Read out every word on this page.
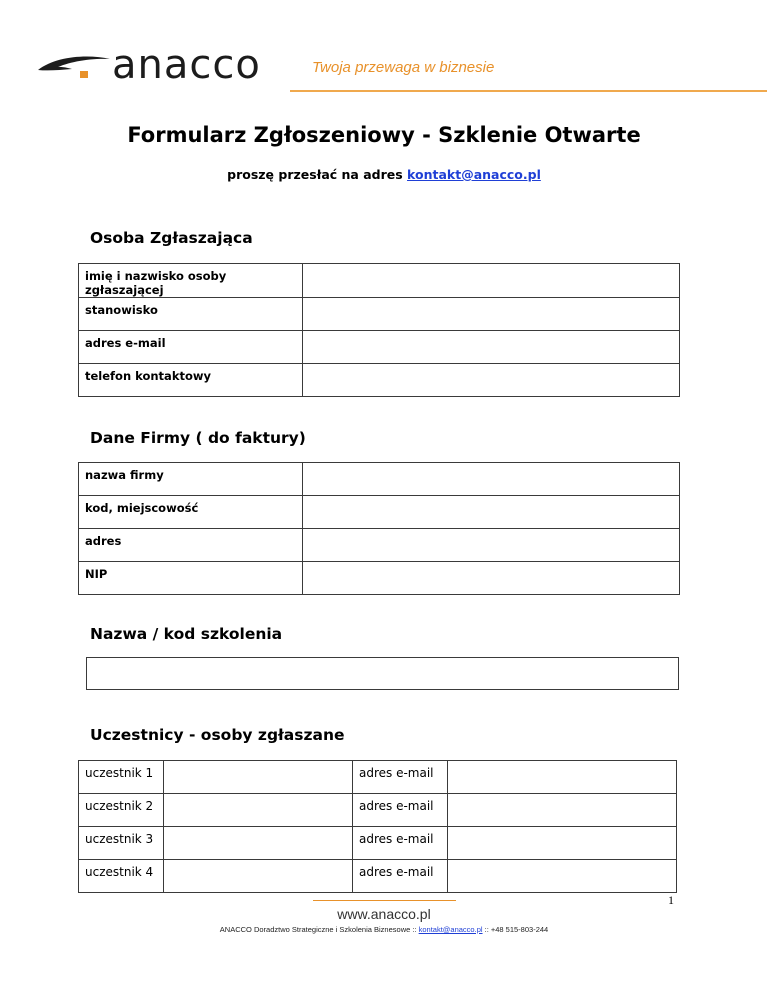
anacco	Twoja przewaga w biznesie
Formularz Zgłoszeniowy - Szklenie Otwarte
proszę przesłać na adres kontakt@anacco.pl
Osoba Zgłaszająca
imię i nazwisko osoby zgłaszającej	
stanowisko	
adres e-mail	
telefon kontaktowy	
Dane Firmy ( do faktury)
nazwa firmy	
kod, miejscowość	
adres	
NIP	
Nazwa / kod szkolenia
Uczestnicy - osoby zgłaszane
uczestnik 1		adres e-mail	
uczestnik 2		adres e-mail	
uczestnik 3		adres e-mail	
uczestnik 4		adres e-mail	
1
www.anacco.pl
ANACCO Doradztwo Strategiczne i Szkolenia Biznesowe :: kontakt@anacco.pl :: +48 515-803-244
